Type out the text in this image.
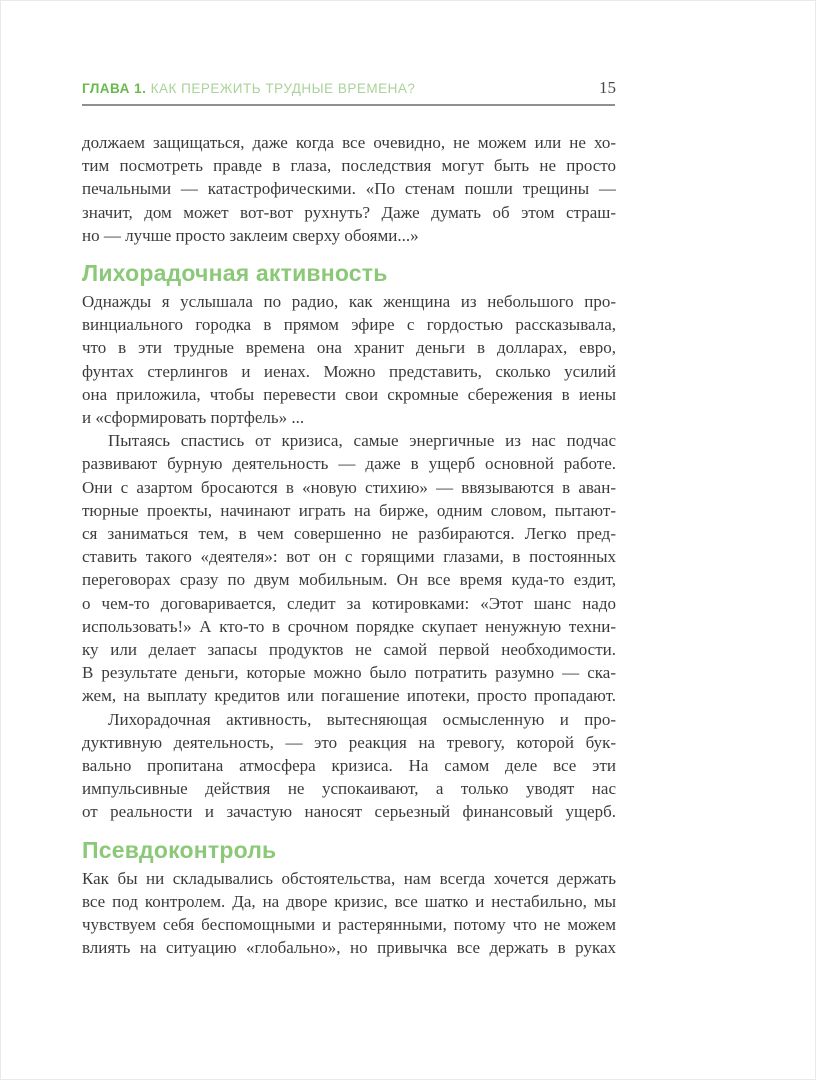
ГЛАВА 1. КАК ПЕРЕЖИТЬ ТРУДНЫЕ ВРЕМЕНА?	15
должаем защищаться, даже когда все очевидно, не можем или не хо-
тим посмотреть правде в глаза, последствия могут быть не просто
печальными — катастрофическими. «По стенам пошли трещины —
значит, дом может вот-вот рухнуть? Даже думать об этом страш-
но — лучше просто заклеим сверху обоями...»
Лихорадочная активность
Однажды я услышала по радио, как женщина из небольшого про-
винциального городка в прямом эфире с гордостью рассказывала,
что в эти трудные времена она хранит деньги в долларах, евро,
фунтах стерлингов и иенах. Можно представить, сколько усилий
она приложила, чтобы перевести свои скромные сбережения в иены
и «сформировать портфель» ...
Пытаясь спастись от кризиса, самые энергичные из нас подчас
развивают бурную деятельность — даже в ущерб основной работе.
Они с азартом бросаются в «новую стихию» — ввязываются в аван-
тюрные проекты, начинают играть на бирже, одним словом, пытают-
ся заниматься тем, в чем совершенно не разбираются. Легко пред-
ставить такого «деятеля»: вот он с горящими глазами, в постоянных
переговорах сразу по двум мобильным. Он все время куда-то ездит,
о чем-то договаривается, следит за котировками: «Этот шанс надо
использовать!» А кто-то в срочном порядке скупает ненужную техни-
ку или делает запасы продуктов не самой первой необходимости.
В результате деньги, которые можно было потратить разумно — ска-
жем, на выплату кредитов или погашение ипотеки, просто пропадают.
Лихорадочная активность, вытесняющая осмысленную и про-
дуктивную деятельность, — это реакция на тревогу, которой бук-
вально пропитана атмосфера кризиса. На самом деле все эти
импульсивные действия не успокаивают, а только уводят нас
от реальности и зачастую наносят серьезный финансовый ущерб.
Псевдоконтроль
Как бы ни складывались обстоятельства, нам всегда хочется держать
все под контролем. Да, на дворе кризис, все шатко и нестабильно, мы
чувствуем себя беспомощными и растерянными, потому что не можем
влиять на ситуацию «глобально», но привычка все держать в руках
